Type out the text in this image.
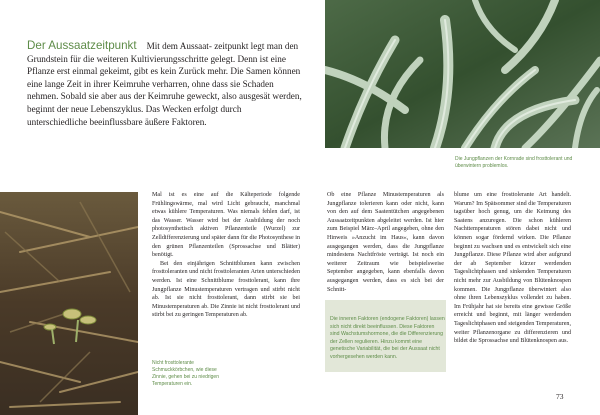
Der Aussaatzeitpunkt Mit dem Aussaat- zeitpunkt legt man den Grundstein für die weiteren Kultivierungsschritte gelegt. Denn ist eine Pflanze erst einmal gekeimt, gibt es kein Zurück mehr. Die Samen können eine lange Zeit in ihrer Keimruhe verharren, ohne dass sie Schaden nehmen. Sobald sie aber aus der Keimruhe geweckt, also ausgesät werden, beginnt der neue Lebenszyklus. Das Wecken erfolgt durch unterschiedliche beeinflussbare äußere Faktoren.
Die Jungpflanzen der Kornrade sind frosttolerant und überwintern problemlos.
Nicht frosttolerante Schmuckkörbchen, wie diese Zinnie, gehen bei zu niedrigen Temperaturen ein.

Mal ist es eine auf die Kälteperiode folgende Frühlingswärme, mal wird Licht gebraucht, manchmal etwas kühlere Temperaturen. Was niemals fehlen darf, ist das Wasser. Wasser wird bei der Ausbildung der noch photosynthetisch aktiven Pflanzenteile (Wurzel) zur Zelldifferenzierung und später dann für die Photosynthese in den grünen Pflanzenteilen (Sprossachse und Blätter) benötigt.

Bei den einjährigen Schnittblumen kann zwischen frosttoleranten und nicht frosttoleranten Arten unterschieden werden. Ist eine Schnittblume frosttolerant, kann ihre Jungpflanze Minustemperaturen vertragen und stirbt nicht ab. Ist sie nicht frosttolerant, dann stirbt sie bei Minustemperaturen ab. Die Zinnie ist nicht frosttolerant und stirbt bei zu geringen Temperaturen ab.

Ob eine Pflanze Minustemperaturen als Jungpflanze tolerieren kann oder nicht, kann von den auf dem Saatentütchen angegebenen Aussaatzeitpunkten abgeleitet werden. Ist hier zum Beispiel März–April angegeben, ohne den Hinweis »Anzucht im Haus«, kann davon ausgegangen werden, dass die Jungpflanze mindestens Nachtfröste verträgt. Ist noch ein weiterer Zeitraum wie beispielsweise September angegeben, kann ebenfalls davon ausgegangen werden, dass es sich bei der Schnitt-

Die inneren Faktoren (endogene Faktoren) lassen sich nicht direkt beeinflussen. Diese Faktoren sind Wachstumshormone, die die Differenzierung der Zellen regulieren. Hinzu kommt eine genetische Variabilität, die bei der Aussaat nicht vorhergesehen werden kann.

blume um eine frosttolerante Art handelt. Warum? Im Spätsommer sind die Temperaturen tagsüber hoch genug, um die Keimung des Saatens anzuregen. Die schon kühleren Nachttemperaturen stören dabei nicht und können sogar fördernd wirken. Die Pflanze beginnt zu wachsen und es entwickelt sich eine Jungpflanze. Diese Pflanze wird aber aufgrund der ab September kürzer werdenden Tageslichtphasen und sinkenden Temperaturen nicht mehr zur Ausbildung von Blütenknospen kommen. Die Jungpflanze überwintert also ohne ihren Lebenszyklus vollendet zu haben. Im Frühjahr hat sie bereits eine gewisse Größe erreicht und beginnt, mit länger werdenden Tageslichtphasen und steigenden Temperaturen, weiter Pflanzenorgane zu differenzieren und bildet die Sprossachse und Blütenknospen aus.

73
